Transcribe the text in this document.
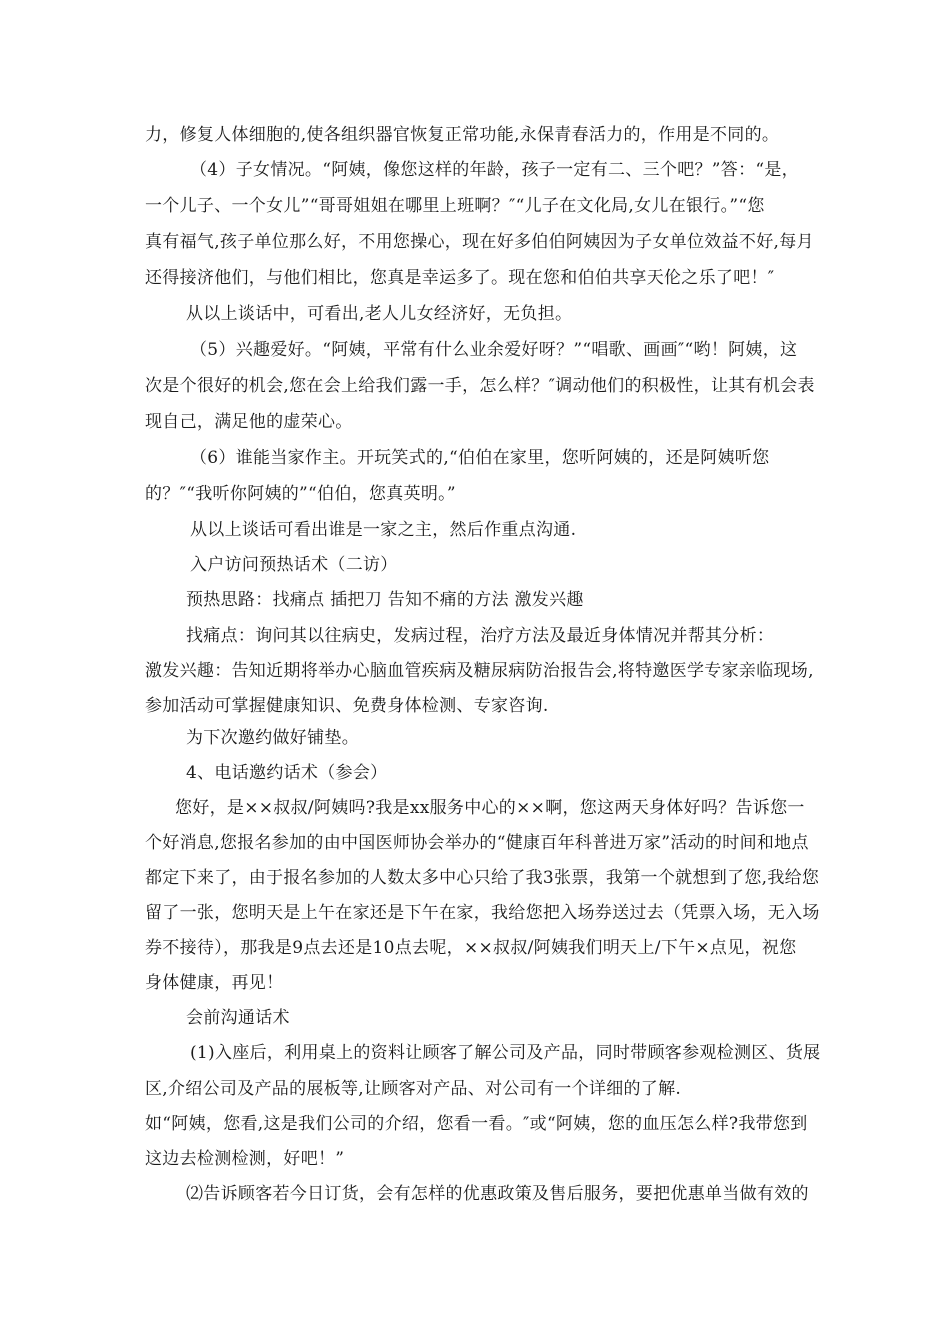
力，修复人体细胞的,使各组织器官恢复正常功能,永保青春活力的，作用是不同的。
（4）子女情况。“阿姨，像您这样的年龄，孩子一定有二、三个吧？”答：“是，
一个儿子、一个女儿”“哥哥姐姐在哪里上班啊？″“儿子在文化局,女儿在银行。”“您
真有福气,孩子单位那么好，不用您操心，现在好多伯伯阿姨因为子女单位效益不好,每月
还得接济他们，与他们相比，您真是幸运多了。现在您和伯伯共享天伦之乐了吧！″
从以上谈话中，可看出,老人儿女经济好，无负担。
（5）兴趣爱好。“阿姨，平常有什么业余爱好呀？”“唱歌、画画″“哟！阿姨，这
次是个很好的机会,您在会上给我们露一手，怎么样？″调动他们的积极性，让其有机会表
现自己，满足他的虚荣心。
（6）谁能当家作主。开玩笑式的,“伯伯在家里，您听阿姨的，还是阿姨听您
的？″“我听你阿姨的”“伯伯，您真英明。”
从以上谈话可看出谁是一家之主，然后作重点沟通.
入户访问预热话术（二访）
预热思路：找痛点 插把刀 告知不痛的方法 激发兴趣
找痛点：询问其以往病史，发病过程，治疗方法及最近身体情况并帮其分析：
激发兴趣：告知近期将举办心脑血管疾病及糖尿病防治报告会,将特邀医学专家亲临现场,
参加活动可掌握健康知识、免费身体检测、专家咨询.
为下次邀约做好铺垫。
4、电话邀约话术（参会）
您好，是××叔叔/阿姨吗?我是xx服务中心的××啊，您这两天身体好吗？告诉您一
个好消息,您报名参加的由中国医师协会举办的“健康百年科普进万家”活动的时间和地点
都定下来了，由于报名参加的人数太多中心只给了我3张票，我第一个就想到了您,我给您
留了一张，您明天是上午在家还是下午在家，我给您把入场券送过去（凭票入场，无入场
券不接待），那我是9点去还是10点去呢，××叔叔/阿姨我们明天上/下午×点见，祝您
身体健康，再见！
会前沟通话术
(1)入座后，利用桌上的资料让顾客了解公司及产品，同时带顾客参观检测区、货展
区,介绍公司及产品的展板等,让顾客对产品、对公司有一个详细的了解.
如“阿姨，您看,这是我们公司的介绍，您看一看。″或“阿姨，您的血压怎么样?我带您到
这边去检测检测，好吧！”
⑵告诉顾客若今日订货，会有怎样的优惠政策及售后服务，要把优惠单当做有效的
